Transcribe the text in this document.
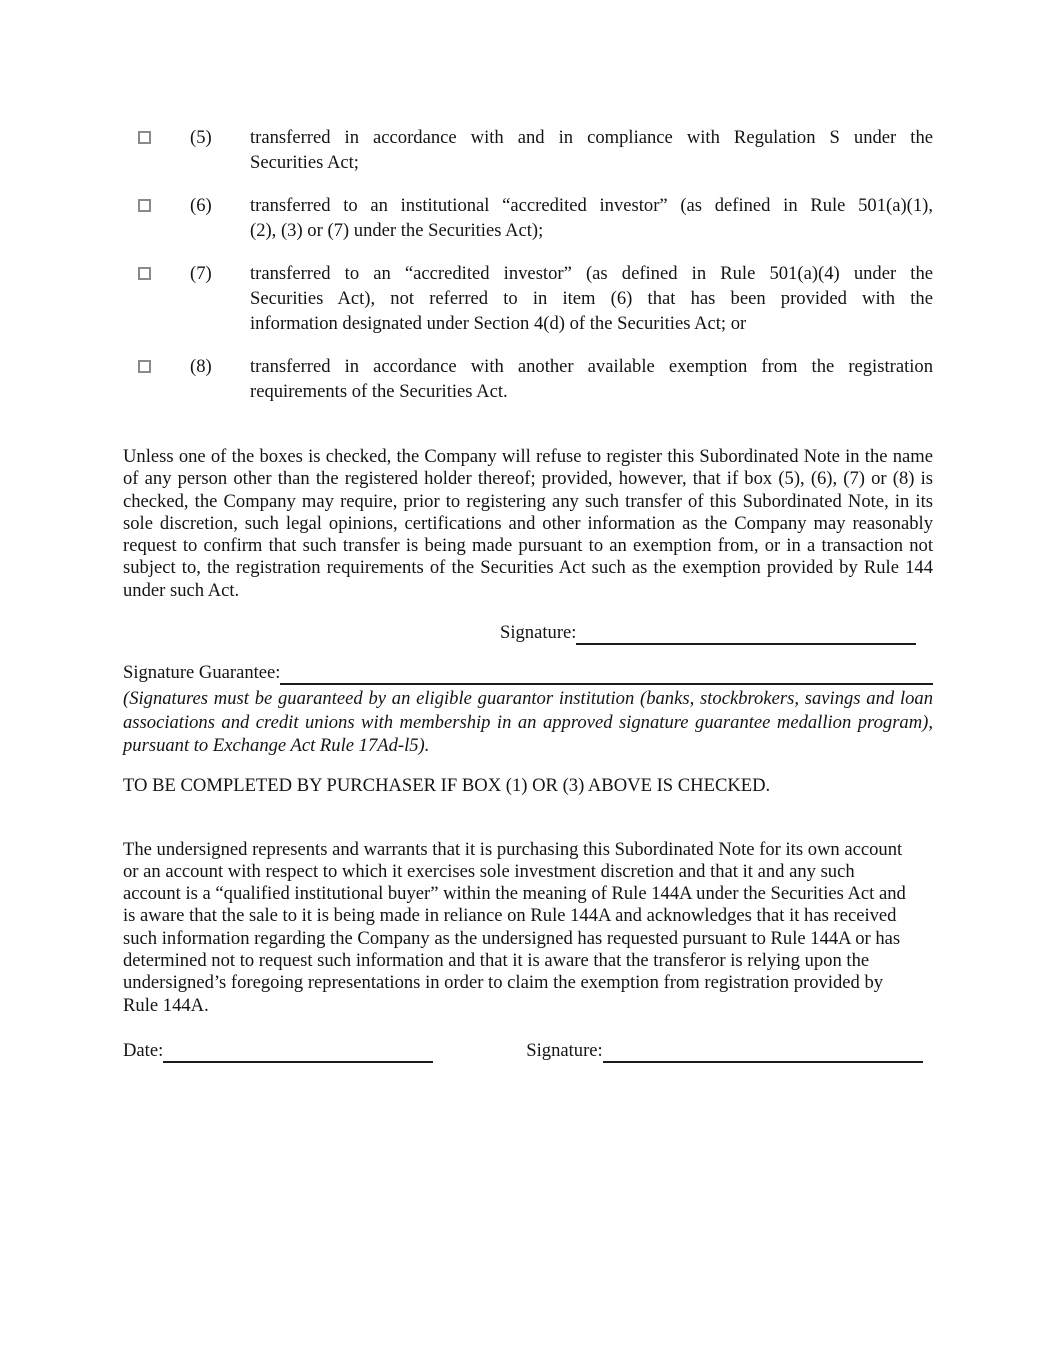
(5)	transferred in accordance with and in compliance with Regulation S under the
Securities Act;
(6)	transferred to an institutional “accredited investor” (as defined in Rule 501(a)(1),
(2), (3) or (7) under the Securities Act);
(7)	transferred to an “accredited investor” (as defined in Rule 501(a)(4) under the
Securities Act), not referred to in item (6) that has been provided with the
information designated under Section 4(d) of the Securities Act; or
(8)	transferred in accordance with another available exemption from the registration
requirements of the Securities Act.
Unless one of the boxes is checked, the Company will refuse to register this Subordinated Note in the name
of any person other than the registered holder thereof; provided, however, that if box (5), (6), (7) or (8) is
checked, the Company may require, prior to registering any such transfer of this Subordinated Note, in its
sole discretion, such legal opinions, certifications and other information as the Company may reasonably
request to confirm that such transfer is being made pursuant to an exemption from, or in a transaction not
subject to, the registration requirements of the Securities Act such as the exemption provided by Rule 144
under such Act.
Signature:
Signature Guarantee:
(Signatures must be guaranteed by an eligible guarantor institution (banks, stockbrokers, savings and loan
associations and credit unions with membership in an approved signature guarantee medallion program),
pursuant to Exchange Act Rule 17Ad-l5).
TO BE COMPLETED BY PURCHASER IF BOX (1) OR (3) ABOVE IS CHECKED.
The undersigned represents and warrants that it is purchasing this Subordinated Note for its own account
or an account with respect to which it exercises sole investment discretion and that it and any such
account is a “qualified institutional buyer” within the meaning of Rule 144A under the Securities Act and
is aware that the sale to it is being made in reliance on Rule 144A and acknowledges that it has received
such information regarding the Company as the undersigned has requested pursuant to Rule 144A or has
determined not to request such information and that it is aware that the transferor is relying upon the
undersigned’s foregoing representations in order to claim the exemption from registration provided by
Rule 144A.
Date:	Signature:
